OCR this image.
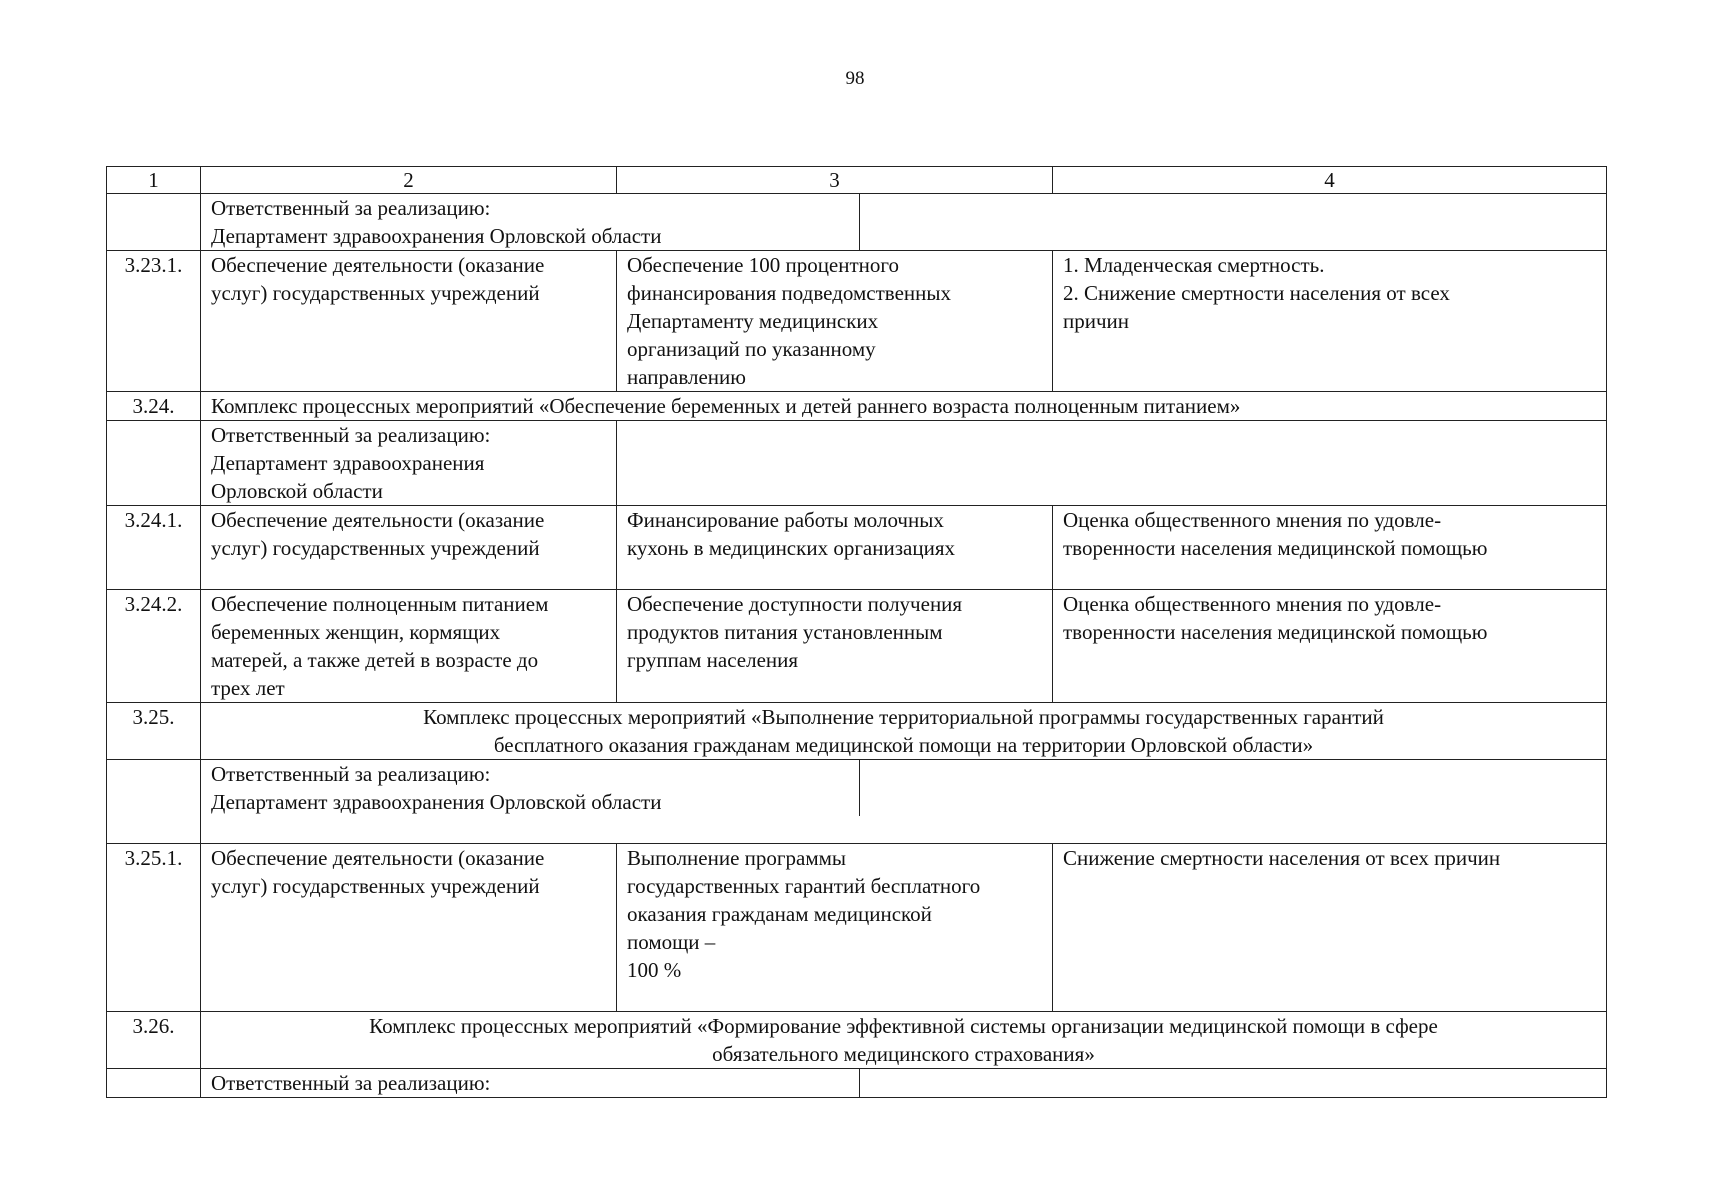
98
1	2	3	4

	Ответственный за реализацию:
Департамент здравоохранения Орловской области		

3.23.1.	Обеспечение деятельности (оказание
услуг) государственных учреждений	Обеспечение 100 процентного
финансирования подведомственных
Департаменту медицинских
организаций по указанному
направлению	1. Младенческая смертность.
2. Снижение смертности населения от всех
причин

3.24.	Комплекс процессных мероприятий «Обеспечение беременных и детей раннего возраста полноценным питанием»		

	Ответственный за реализацию:
Департамент здравоохранения
Орловской области		

3.24.1.	Обеспечение деятельности (оказание
услуг) государственных учреждений	Финансирование работы молочных
кухонь в медицинских организациях	Оценка общественного мнения по удовле-
творенности населения медицинской помощью

3.24.2.	Обеспечение полноценным питанием
беременных женщин, кормящих
матерей, а также детей в возрасте до
трех лет	Обеспечение доступности получения
продуктов питания установленным
группам населения	Оценка общественного мнения по удовле-
творенности населения медицинской помощью

3.25.	Комплекс процессных мероприятий «Выполнение территориальной программы государственных гарантий
бесплатного оказания гражданам медицинской помощи на территории Орловской области»		

	Ответственный за реализацию:
Департамент здравоохранения Орловской области		

3.25.1.	Обеспечение деятельности (оказание
услуг) государственных учреждений	Выполнение программы
государственных гарантий бесплатного
оказания гражданам медицинской
помощи –
100 %	Снижение смертности населения от всех причин

3.26.	Комплекс процессных мероприятий «Формирование эффективной системы организации медицинской помощи в сфере
обязательного медицинского страхования»		

	Ответственный за реализацию:		
